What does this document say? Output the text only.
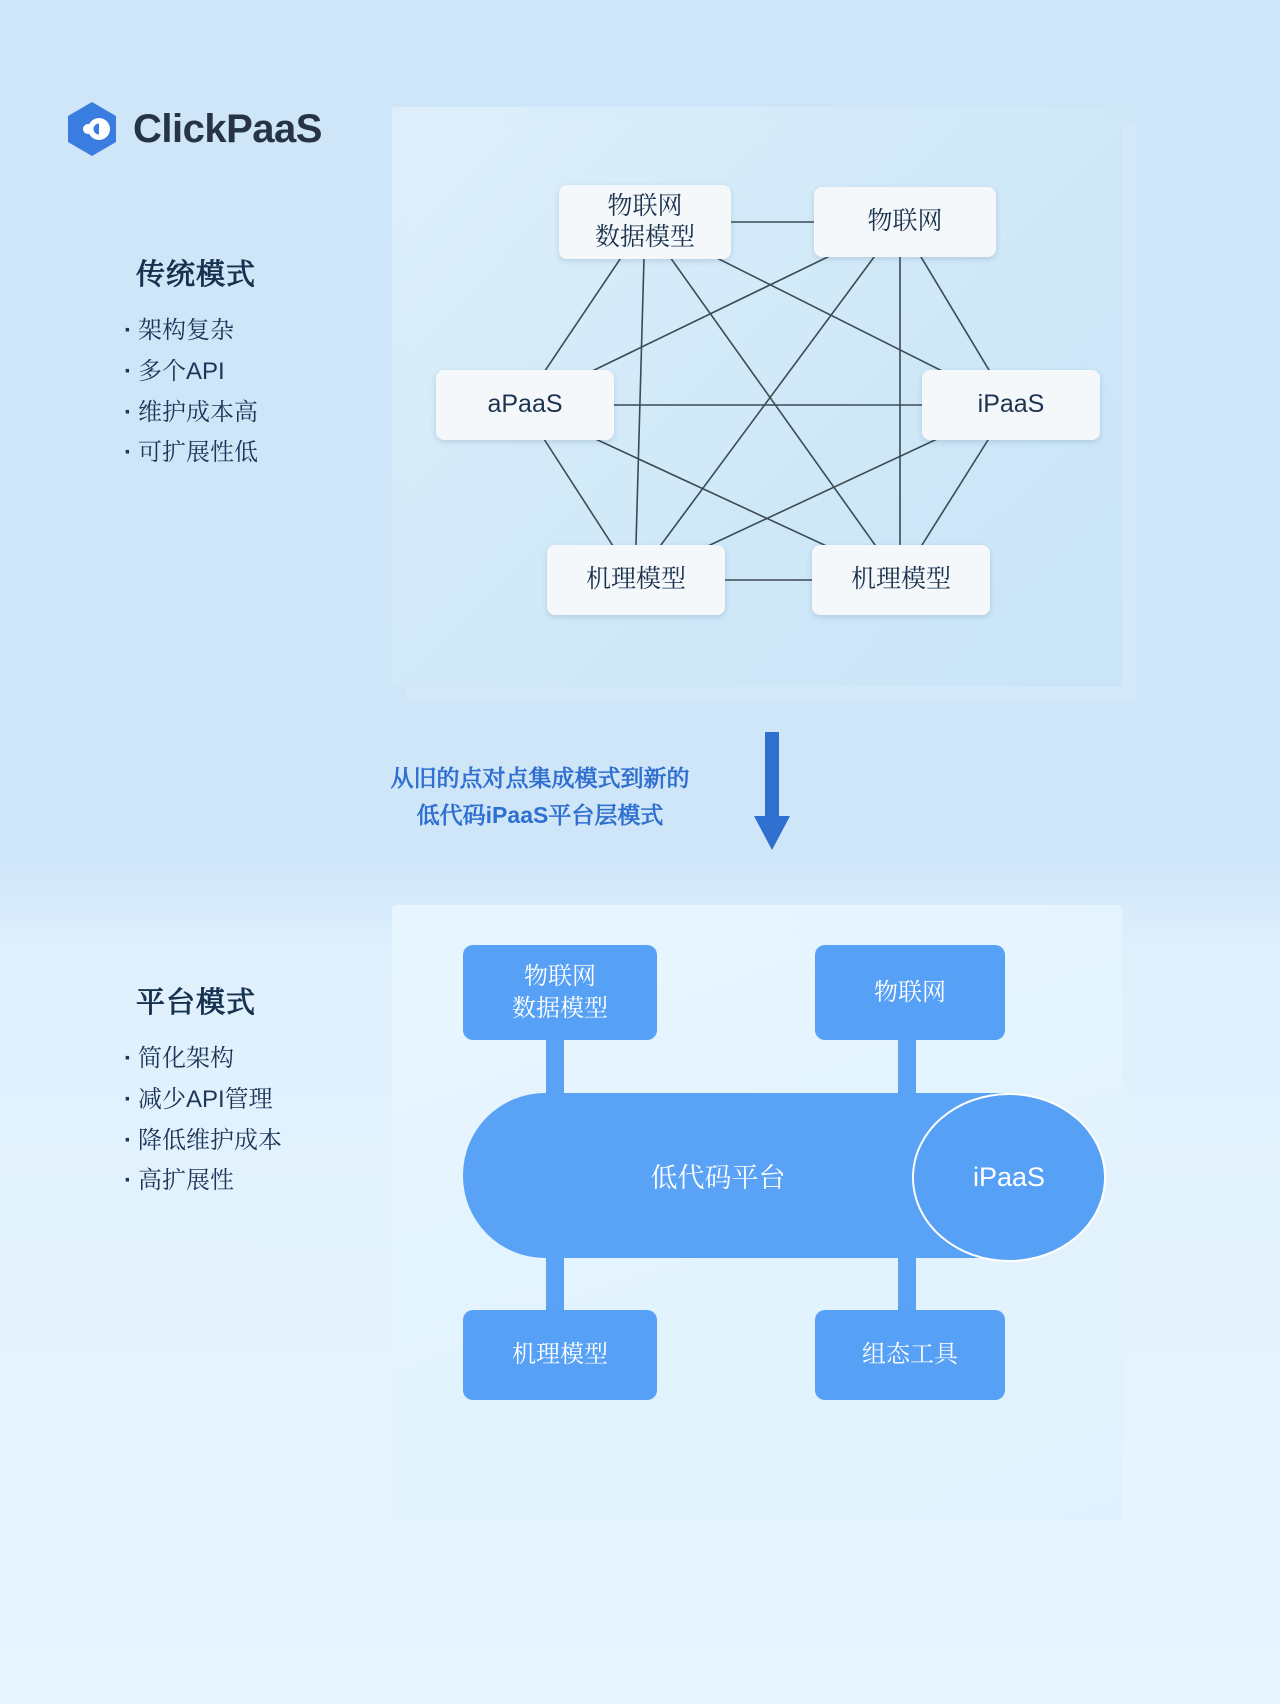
ClickPaaS
传统模式
· 架构复杂
· 多个API
· 维护成本高
· 可扩展性低
物联网
数据模型
物联网
aPaaS	iPaaS
机理模型	机理模型
从旧的点对点集成模式到新的
低代码iPaaS平台层模式
平台模式
· 简化架构
· 减少API管理
· 降低维护成本
· 高扩展性
物联网
数据模型
物联网
低代码平台	iPaaS
机理模型	组态工具
